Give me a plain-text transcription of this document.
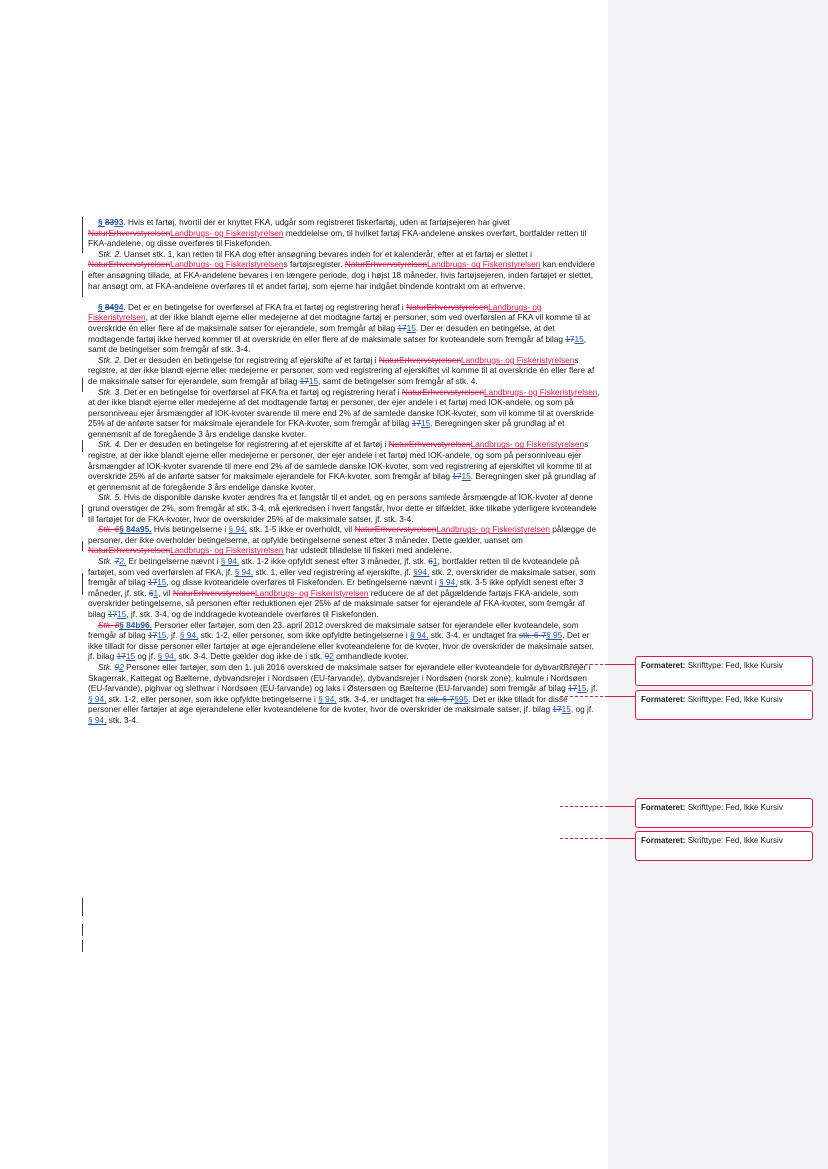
§ 8393. Hvis et fartøj, hvortil der er knyttet FKA, udgår som registreret fiskerfartøj, uden at fartøjsejeren har givet NaturErhvervstyrelsenLandbrugs- og Fiskeristyrelsen meddelelse om, til hvilket fartøj FKA-andelene ønskes overført, bortfalder retten til FKA-andelene, og disse overføres til Fiskefonden.

Stk. 2. Uanset stk. 1, kan retten til FKA dog efter ansøgning bevares inden for et kalenderår, efter at et fartøj er slettet i NaturErhvervstyrelsenLandbrugs- og Fiskeristyrelsens fartøjsregister. NaturErhvervstyrelsenLandbrugs- og Fiskeristyrelsen kan endvidere efter ansøgning tillade, at FKA-andelene bevares i en længere periode, dog i højst 18 måneder, hvis fartøjsejeren, inden fartøjet er slettet, har ansøgt om, at FKA-andelene overføres til et andet fartøj, som ejerne har indgået bindende kontrakt om at erhverve.

§ 8494. Det er en betingelse for overførsel af FKA fra et fartøj og registrering heraf i NaturErhvervstyrelsenLandbrugs- og Fiskeristyrelsen, at der ikke blandt ejerne eller medejerne af det modtagne fartøj er personer, som ved overførslen af FKA vil komme til at overskride én eller flere af de maksimale satser for ejerandele, som fremgår af bilag 1715. Der er desuden en betingelse, at det modtagende fartøj ikke herved kommer til at overskride én eller flere af de maksimale satser for kvoteandele som fremgår af bilag 1715, samt de betingelser som fremgår af stk. 3-4.

Stk. 2. Det er desuden en betingelse for registrering af ejerskifte af et fartøj i NaturErhvervstyrelsenLandbrugs- og Fiskeristyrelsens registre, at der ikke blandt ejerne eller medejerne er personer, som ved registrering af ejerskiftet vil komme til at overskride én eller flere af de maksimale satser for ejerandele, som fremgår af bilag 1715, samt de betingelser som fremgår af stk. 4.

Stk. 3. Det er en betingelse for overførsel af FKA fra et fartøj og registrering heraf i NaturErhvervstyrelsenLandbrugs- og Fiskeristyrelsen, at der ikke blandt ejerne eller medejerne af det modtagende fartøj er personer, der ejer andele i et fartøj med IOK-andele, og som på personniveau ejer årsmængder af IOK-kvoter svarende til mere end 2% af de samlede danske IOK-kvoter, som vil komme til at overskride 25% af de anførte satser for maksimale ejerandele for FKA-kvoter, som fremgår af bilag 1715. Beregningen sker på grundlag af et gennemsnit af de foregående 3 års endelige danske kvoter.

Stk. 4. Der er desuden en betingelse for registrering af et ejerskifte af et fartøj i NaturErhvervstyrelsenLandbrugs- og Fiskeristyrelsens registre, at der ikke blandt ejerne eller medejerne er personer, der ejer andele i et fartøj med IOK-andele, og som på personniveau ejer årsmængder af IOK-kvoter svarende til mere end 2% af de samlede danske IOK-kvoter, som ved registrering af ejerskiftet vil komme til at overskride 25% af de anførte satser for maksimale ejerandele for FKA-kvoter, som fremgår af bilag 1715. Beregningen sker på grundlag af et gennemsnit af de foregående 3 års endelige danske kvoter.

Stk. 5. Hvis de disponible danske kvoter ændres fra et fangstår til et andet, og en persons samlede årsmængde af IOK-kvoter af denne grund overstiger de 2%, som fremgår af stk. 3-4, må ejerkredsen i hvert fangstår, hvor dette er tilfældet, ikke tilkøbe yderligere kvoteandele til fartøjet for de FKA-kvoter, hvor de overskrider 25% af de maksimale satser, jf. stk. 3-4.

Stk. 6§ 84a95. Hvis betingelserne i § 94, stk. 1-5 ikke er overholdt, vil NaturErhvervstyrelsenLandbrugs- og Fiskeristyrelsen pålægge de personer, der ikke overholder betingelserne, at opfylde betingelserne senest efter 3 måneder. Dette gælder, uanset om NaturErhvervstyrelsenLandbrugs- og Fiskeristyrelsen har udstedt tilladelse til fiskeri med andelene.

Stk. 72. Er betingelserne nævnt i § 94, stk. 1-2 ikke opfyldt senest efter 3 måneder, jf. stk. 61, bortfalder retten til de kvoteandele på fartøjet, som ved overførslen af FKA, jf. § 94, stk. 1, eller ved registrering af ejerskifte, jf. §94, stk. 2, overskrider de maksimale satser, som fremgår af bilag 1715, og disse kvoteandele overføres til Fiskefonden. Er betingelserne nævnt i § 94, stk. 3-5 ikke opfyldt senest efter 3 måneder, jf. stk. 61, vil NaturErhvervstyrelsenLandbrugs- og Fiskeristyrelsen reducere de af det pågældende fartøjs FKA-andele, som overskrider betingelserne, så personen efter reduktionen ejer 25% af de maksimale satser for ejerandele af FKA-kvoter, som fremgår af bilag 1715, jf. stk. 3-4, og de inddragede kvoteandele overføres til Fiskefonden.

Stk. 8§ 84b96. Personer eller fartøjer, som den 23. april 2012 overskred de maksimale satser for ejerandele eller kvoteandele, som fremgår af bilag 1715, jf. § 94, stk. 1-2, eller personer, som ikke opfyldte betingelserne i § 94, stk. 3-4, er undtaget fra stk. 6-7§ 95. Det er ikke tilladt for disse personer eller fartøjer at øge ejerandelene eller kvoteandelene for de kvoter, hvor de overskrider de maksimale satser, jf. bilag 1715 og jf. § 94, stk. 3-4. Dette gælder dog ikke de i stk. 92 omhandlede kvoter.

Stk. 92 Personer eller fartøjer, som den 1. juli 2016 overskred de maksimale satser for ejerandele eller kvoteandele for dybvandsrejer i Skagerrak, Kattegat og Bælterne, dybvandsrejer i Nordsøen (EU-farvande), dybvandsrejer i Nordsøen (norsk zone), kulmule i Nordsøen (EU-farvande), pighvar og slethvar i Nordsøen (EU-farvande) og laks i Østersøen og Bælterne (EU-farvande) som fremgår af bilag 1715, jf. § 94, stk. 1-2, eller personer, som ikke opfyldte betingelserne i § 94, stk. 3-4, er undtaget fra stk. 6-7§95. Det er ikke tilladt for disse personer eller fartøjer at øge ejerandelene eller kvoteandelene for de kvoter, hvor de overskrider de maksimale satser, jf. bilag 1715, og jf. § 94, stk. 3-4.

Formateret: Skrifttype: Fed, Ikke Kursiv
Formateret: Skrifttype: Fed, Ikke Kursiv
Formateret: Skrifttype: Fed, Ikke Kursiv
Formateret: Skrifttype: Fed, Ikke Kursiv
